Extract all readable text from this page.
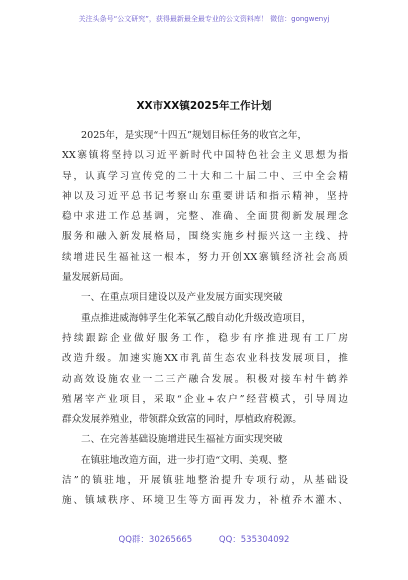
关注头条号“公文研究”，获得最新最全最专业的公文资料库！ 微信：gongwenyj
XX市XX镇2025年工作计划
2025年，是实现“十四五”规划目标任务的收官之年，
XX寨镇将坚持以习近平新时代中国特色社会主义思想为指
导，认真学习宣传党的二十大和二十届二中、三中全会精
神以及习近平总书记考察山东重要讲话和指示精神，坚持
稳中求进工作总基调，完整、准确、全面贯彻新发展理念
服务和融入新发展格局，围绕实施乡村振兴这一主线、持
续增进民生福祉这一根本，努力开创XX寨镇经济社会高质
量发展新局面。
一、在重点项目建设以及产业发展方面实现突破
重点推进威海韩孚生化苯氧乙酸自动化升级改造项目，
持续跟踪企业做好服务工作，稳步有序推进现有工厂房
改造升级。加速实施XX市乳苗生态农业科技发展项目，推
动高效设施农业一二三产融合发展。积极对接车村牛鹤养
殖屠宰产业项目，采取“企业+农户”经营模式，引导周边
群众发展养殖业，带领群众致富的同时，厚植政府税源。
二、在完善基础设施增进民生福祉方面实现突破
在镇驻地改造方面，进一步打造“文明、美观、整
洁”的镇驻地，开展镇驻地整治提升专项行动，从基础设
施、镇域秩序、环境卫生等方面再发力，补植乔木灌木、
QQ群：30265665	QQ：535304092
